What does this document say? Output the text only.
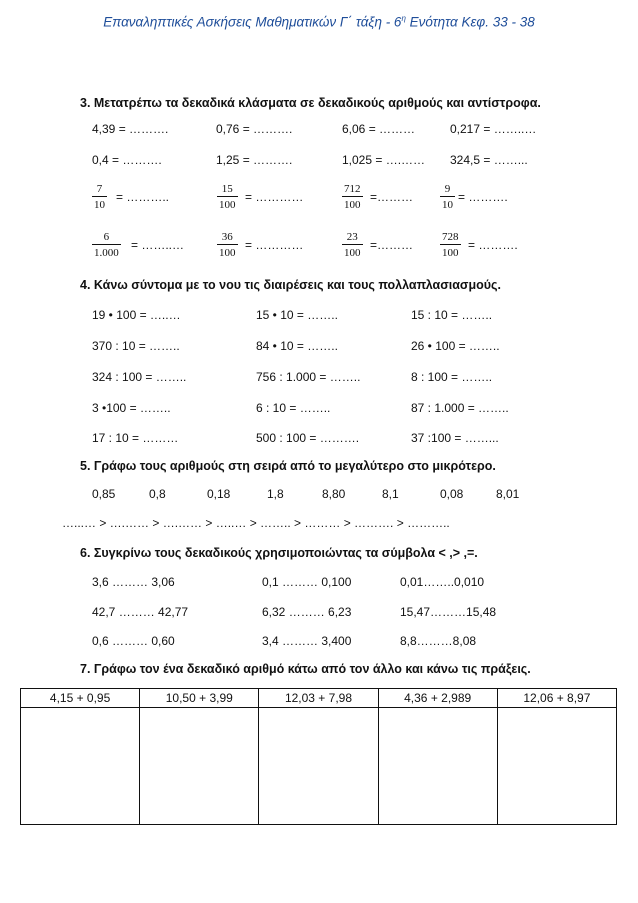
Επαναληπτικές Ασκήσεις Μαθηματικών Γ΄ τάξη - $6^\eta$ Ενότητα Κεφ. 33 - 38
3. Μετατρέπω τα δεκαδικά κλάσματα σε δεκαδικούς αριθμούς και αντίστροφα.
4,39 = ……….	0,76 = ……….	6,06 = ………	0,217 = ……..…
0,4 = ……….	1,25 = ……….	1,025 = ….…… 324,5 = ……...
$\frac{7}{10}$ = ………..	$\frac{15}{100}$ = …………	$\frac{712}{100}$ =……… $\frac{9}{10}$ = ……….
$\frac{6}{1.000}$ = ……..…	$\frac{36}{100}$ = …………	$\frac{23}{100}$ =……… $\frac{728}{100}$ = ……….
4. Κάνω σύντομα με το νου τις διαιρέσεις και τους πολλαπλασιασμούς.
19 • 100 = …..…	15 • 10 = ……..	15 : 10 = ……..
370 : 10 = ……..	84 • 10 = ……..	26 • 100 = ……..
324 : 100 = ……..	756 : 1.000 = ……..	8 : 100 = ……..
3 •100 = ……..	6 : 10 = ……..	87 : 1.000 = ……..
17 : 10 = ………	500 : 100 = ……….	37 :100 = ……...
5. Γράφω τους αριθμούς στη σειρά από το μεγαλύτερο στο μικρότερο.
0,85	0,8	0,18	1,8	8,80	8,1	0,08	8,01
…...… > ….…… > ….…… > …..… > …….. > ……… > ………. > ………..
6. Συγκρίνω τους δεκαδικούς χρησιμοποιώντας τα σύμβολα < ,> ,=.
3,6 ……… 3,06	0,1 ……… 0,100	0,01……..0,010
42,7 ……… 42,77	6,32 ……… 6,23	15,47………15,48
0,6 ……… 0,60	3,4 ……… 3,400	8,8………8,08
7. Γράφω τον ένα δεκαδικό αριθμό κάτω από τον άλλο και κάνω τις πράξεις.
4,15 + 0,95	10,50 + 3,99	12,03 + 7,98	4,36 + 2,989	12,06 + 8,97
